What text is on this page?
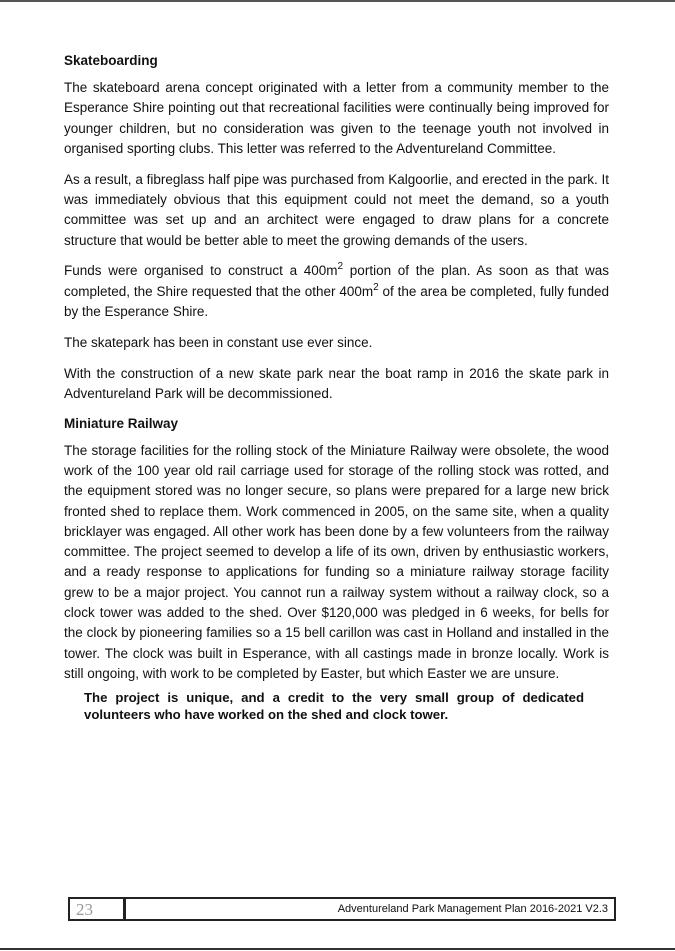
Skateboarding

The skateboard arena concept originated with a letter from a community member to the Esperance Shire pointing out that recreational facilities were continually being improved for younger children, but no consideration was given to the teenage youth not involved in organised sporting clubs. This letter was referred to the Adventureland Committee.

As a result, a fibreglass half pipe was purchased from Kalgoorlie, and erected in the park. It was immediately obvious that this equipment could not meet the demand, so a youth committee was set up and an architect were engaged to draw plans for a concrete structure that would be better able to meet the growing demands of the users.

Funds were organised to construct a $400m^2$ portion of the plan. As soon as that was completed, the Shire requested that the other $400m^2$ of the area be completed, fully funded by the Esperance Shire.

The skatepark has been in constant use ever since.

With the construction of a new skate park near the boat ramp in 2016 the skate park in Adventureland Park will be decommissioned.

Miniature Railway

The storage facilities for the rolling stock of the Miniature Railway were obsolete, the wood work of the 100 year old rail carriage used for storage of the rolling stock was rotted, and the equipment stored was no longer secure, so plans were prepared for a large new brick fronted shed to replace them. Work commenced in 2005, on the same site, when a quality bricklayer was engaged. All other work has been done by a few volunteers from the railway committee. The project seemed to develop a life of its own, driven by enthusiastic workers, and a ready response to applications for funding so a miniature railway storage facility grew to be a major project. You cannot run a railway system without a railway clock, so a clock tower was added to the shed. Over $120,000 was pledged in 6 weeks, for bells for the clock by pioneering families so a 15 bell carillon was cast in Holland and installed in the tower. The clock was built in Esperance, with all castings made in bronze locally. Work is still ongoing, with work to be completed by Easter, but which Easter we are unsure.

The project is unique, and a credit to the very small group of dedicated volunteers who have worked on the shed and clock tower.

23	Adventureland Park Management Plan 2016-2021 V2.3
